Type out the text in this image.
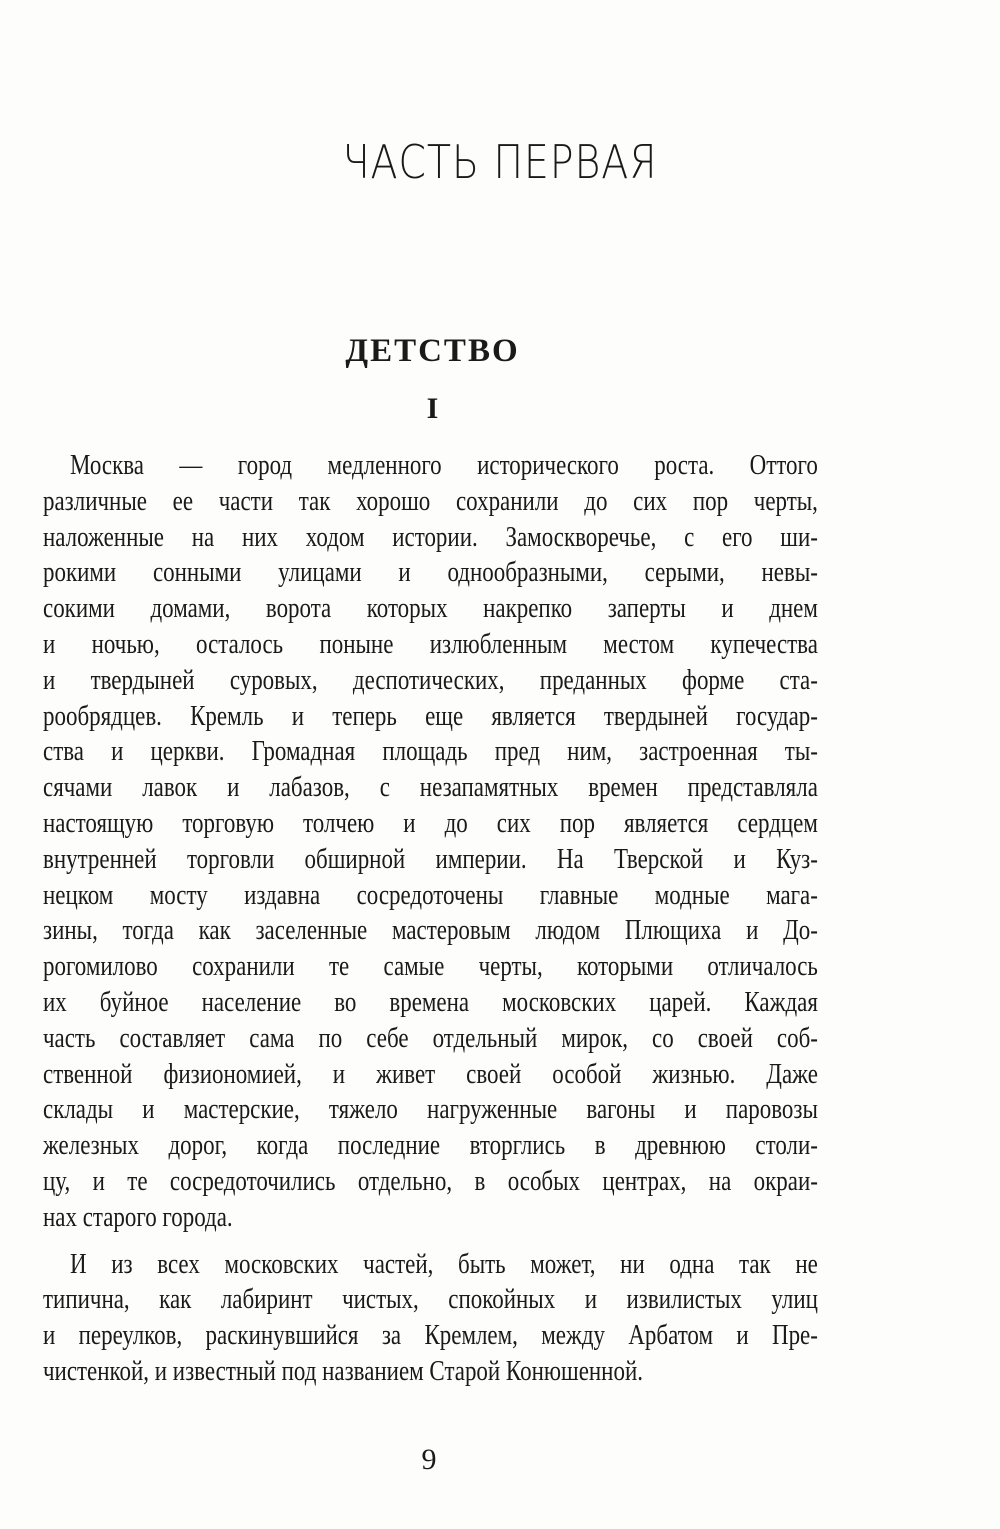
ЧАСТЬ ПЕРВАЯ
ДЕТСТВО
I
Москва — город медленного исторического роста. Оттого
различные ее части так хорошо сохранили до сих пор черты,
наложенные на них ходом истории. Замоскворечье, с его ши-
рокими сонными улицами и однообразными, серыми, невы-
сокими домами, ворота которых накрепко заперты и днем
и ночью, осталось поныне излюбленным местом купечества
и твердыней суровых, деспотических, преданных форме ста-
рообрядцев. Кремль и теперь еще является твердыней государ-
ства и церкви. Громадная площадь пред ним, застроенная ты-
сячами лавок и лабазов, с незапамятных времен представляла
настоящую торговую толчею и до сих пор является сердцем
внутренней торговли обширной империи. На Тверской и Куз-
нецком мосту издавна сосредоточены главные модные мага-
зины, тогда как заселенные мастеровым людом Плющиха и До-
рогомилово сохранили те самые черты, которыми отличалось
их буйное население во времена московских царей. Каждая
часть составляет сама по себе отдельный мирок, со своей соб-
ственной физиономией, и живет своей особой жизнью. Даже
склады и мастерские, тяжело нагруженные вагоны и паровозы
железных дорог, когда последние вторглись в древнюю столи-
цу, и те сосредоточились отдельно, в особых центрах, на окраи-
нах старого города.
И из всех московских частей, быть может, ни одна так не
типична, как лабиринт чистых, спокойных и извилистых улиц
и переулков, раскинувшийся за Кремлем, между Арбатом и Пре-
чистенкой, и известный под названием Старой Конюшенной.
9
